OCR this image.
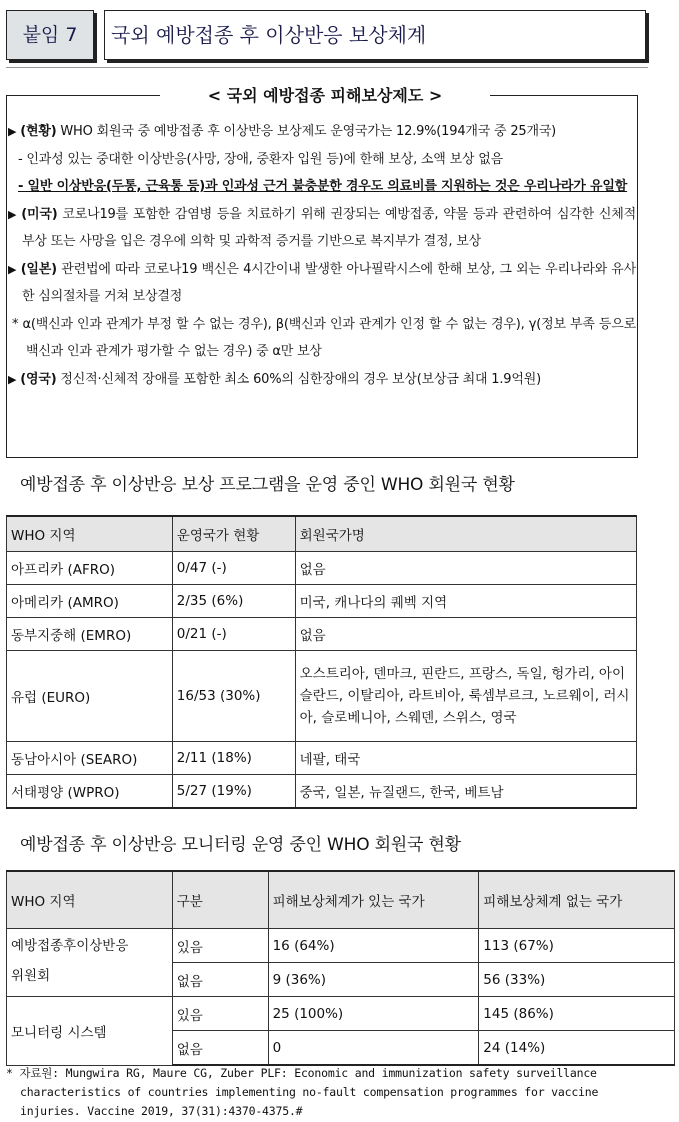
붙임 7	국외 예방접종 후 이상반응 보상체계
< 국외 예방접종 피해보상제도 >

▶ (현황) WHO 회원국 중 예방접종 후 이상반응 보상제도 운영국가는 12.9%(194개국 중 25개국)

- 인과성 있는 중대한 이상반응(사망, 장애, 중환자 입원 등)에 한해 보상, 소액 보상 없음

- 일반 이상반응(두통, 근육통 등)과 인과성 근거 불충분한 경우도 의료비를 지원하는 것은 우리나라가 유일함

▶ (미국) 코로나19를 포함한 감염병 등을 치료하기 위해 권장되는 예방접종, 약물 등과 관련하여 심각한 신체적 부상 또는 사망을 입은 경우에 의학 및 과학적 증거를 기반으로 복지부가 결정, 보상

▶ (일본) 관련법에 따라 코로나19 백신은 4시간이내 발생한 아나필락시스에 한해 보상, 그 외는 우리나라와 유사한 심의절차를 거쳐 보상결정

* α(백신과 인과 관계가 부정 할 수 없는 경우), β(백신과 인과 관계가 인정 할 수 없는 경우), γ(정보 부족 등으로 백신과 인과 관계가 평가할 수 없는 경우) 중 α만 보상

▶ (영국) 정신적·신체적 장애를 포함한 최소 60%의 심한장애의 경우 보상(보상금 최대 1.9억원)

예방접종 후 이상반응 보상 프로그램을 운영 중인 WHO 회원국 현황
WHO 지역	운영국가 현황	회원국가명
아프리카 (AFRO)	0/47 (-)	없음
아메리카 (AMRO)	2/35 (6%)	미국, 캐나다의 퀘벡 지역
동부지중해 (EMRO)	0/21 (-)	없음
유럽 (EURO)	16/53 (30%)	오스트리아, 덴마크, 핀란드, 프랑스, 독일, 헝가리, 아이슬란드, 이탈리아, 라트비아, 룩셈부르크, 노르웨이, 러시아, 슬로베니아, 스웨덴, 스위스, 영국
동남아시아 (SEARO)	2/11 (18%)	네팔, 태국
서태평양 (WPRO)	5/27 (19%)	중국, 일본, 뉴질랜드, 한국, 베트남
예방접종 후 이상반응 모니터링 운영 중인 WHO 회원국 현황
WHO 지역	구분	피해보상체계가 있는 국가	피해보상체계 없는 국가
예방접종후이상반응
위원회	있음	16 (64%)	113 (67%)
	없음	9 (36%)	56 (33%)
모니터링 시스템	있음	25 (100%)	145 (86%)
	없음	0	24 (14%)
* 자료원: Mungwira RG, Maure CG, Zuber PLF: Economic and immunization safety surveillance
characteristics of countries implementing no-fault compensation programmes for vaccine
injuries. Vaccine 2019, 37(31):4370-4375.#
